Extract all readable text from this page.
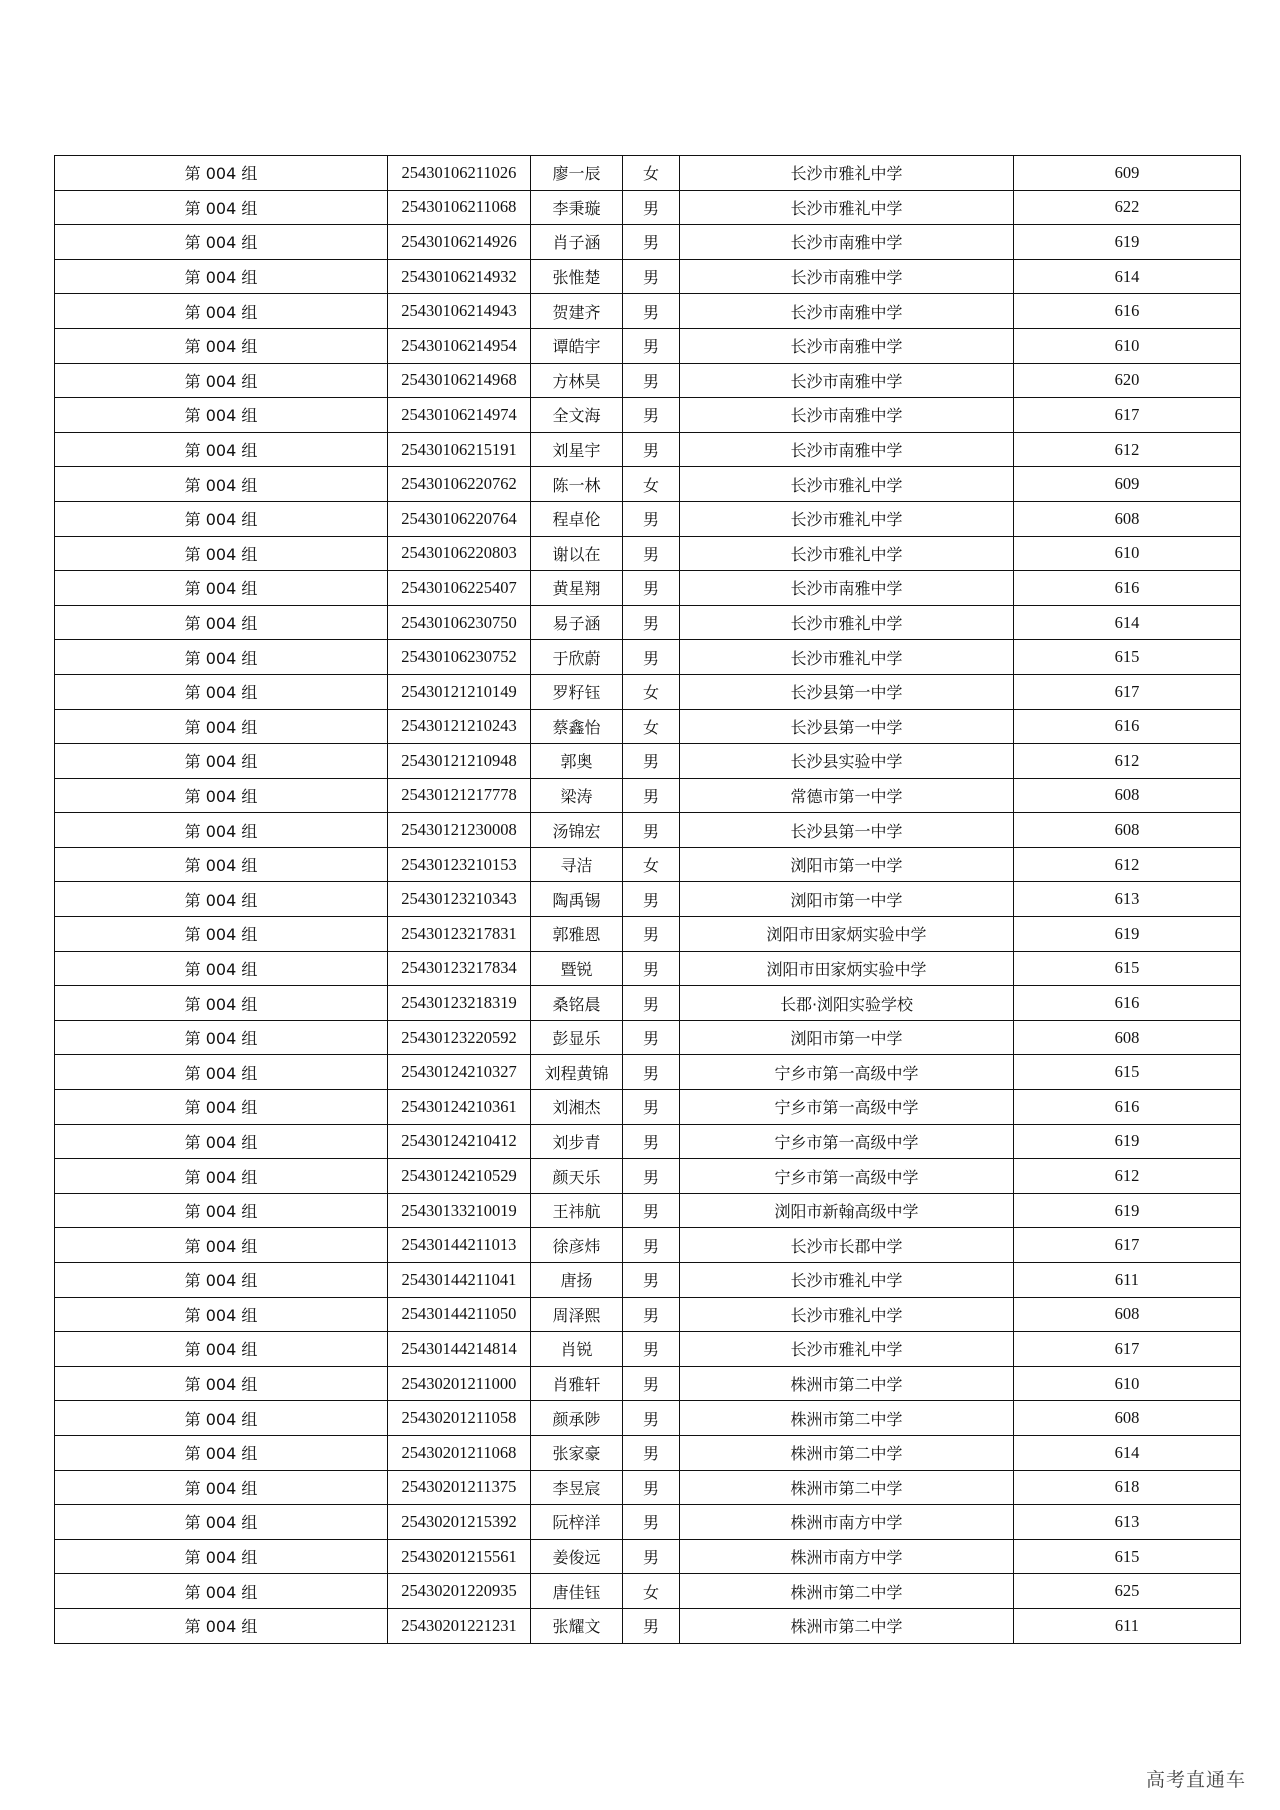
第 004 组	25430106211026	廖一辰	女	长沙市雅礼中学	609
第 004 组	25430106211068	李秉璇	男	长沙市雅礼中学	622
第 004 组	25430106214926	肖子涵	男	长沙市南雅中学	619
第 004 组	25430106214932	张惟楚	男	长沙市南雅中学	614
第 004 组	25430106214943	贺建齐	男	长沙市南雅中学	616
第 004 组	25430106214954	谭皓宇	男	长沙市南雅中学	610
第 004 组	25430106214968	方林昊	男	长沙市南雅中学	620
第 004 组	25430106214974	全文海	男	长沙市南雅中学	617
第 004 组	25430106215191	刘星宇	男	长沙市南雅中学	612
第 004 组	25430106220762	陈一林	女	长沙市雅礼中学	609
第 004 组	25430106220764	程卓伦	男	长沙市雅礼中学	608
第 004 组	25430106220803	谢以在	男	长沙市雅礼中学	610
第 004 组	25430106225407	黄星翔	男	长沙市南雅中学	616
第 004 组	25430106230750	易子涵	男	长沙市雅礼中学	614
第 004 组	25430106230752	于欣蔚	男	长沙市雅礼中学	615
第 004 组	25430121210149	罗籽钰	女	长沙县第一中学	617
第 004 组	25430121210243	蔡鑫怡	女	长沙县第一中学	616
第 004 组	25430121210948	郭奥	男	长沙县实验中学	612
第 004 组	25430121217778	梁涛	男	常德市第一中学	608
第 004 组	25430121230008	汤锦宏	男	长沙县第一中学	608
第 004 组	25430123210153	寻洁	女	浏阳市第一中学	612
第 004 组	25430123210343	陶禹锡	男	浏阳市第一中学	613
第 004 组	25430123217831	郭雅恩	男	浏阳市田家炳实验中学	619
第 004 组	25430123217834	暨锐	男	浏阳市田家炳实验中学	615
第 004 组	25430123218319	桑铭晨	男	长郡·浏阳实验学校	616
第 004 组	25430123220592	彭显乐	男	浏阳市第一中学	608
第 004 组	25430124210327	刘程黄锦	男	宁乡市第一高级中学	615
第 004 组	25430124210361	刘湘杰	男	宁乡市第一高级中学	616
第 004 组	25430124210412	刘步青	男	宁乡市第一高级中学	619
第 004 组	25430124210529	颜天乐	男	宁乡市第一高级中学	612
第 004 组	25430133210019	王祎航	男	浏阳市新翰高级中学	619
第 004 组	25430144211013	徐彦炜	男	长沙市长郡中学	617
第 004 组	25430144211041	唐扬	男	长沙市雅礼中学	611
第 004 组	25430144211050	周泽熙	男	长沙市雅礼中学	608
第 004 组	25430144214814	肖锐	男	长沙市雅礼中学	617
第 004 组	25430201211000	肖雅轩	男	株洲市第二中学	610
第 004 组	25430201211058	颜承陟	男	株洲市第二中学	608
第 004 组	25430201211068	张家豪	男	株洲市第二中学	614
第 004 组	25430201211375	李昱宸	男	株洲市第二中学	618
第 004 组	25430201215392	阮梓洋	男	株洲市南方中学	613
第 004 组	25430201215561	姜俊远	男	株洲市南方中学	615
第 004 组	25430201220935	唐佳钰	女	株洲市第二中学	625
第 004 组	25430201221231	张耀文	男	株洲市第二中学	611
高考直通车
